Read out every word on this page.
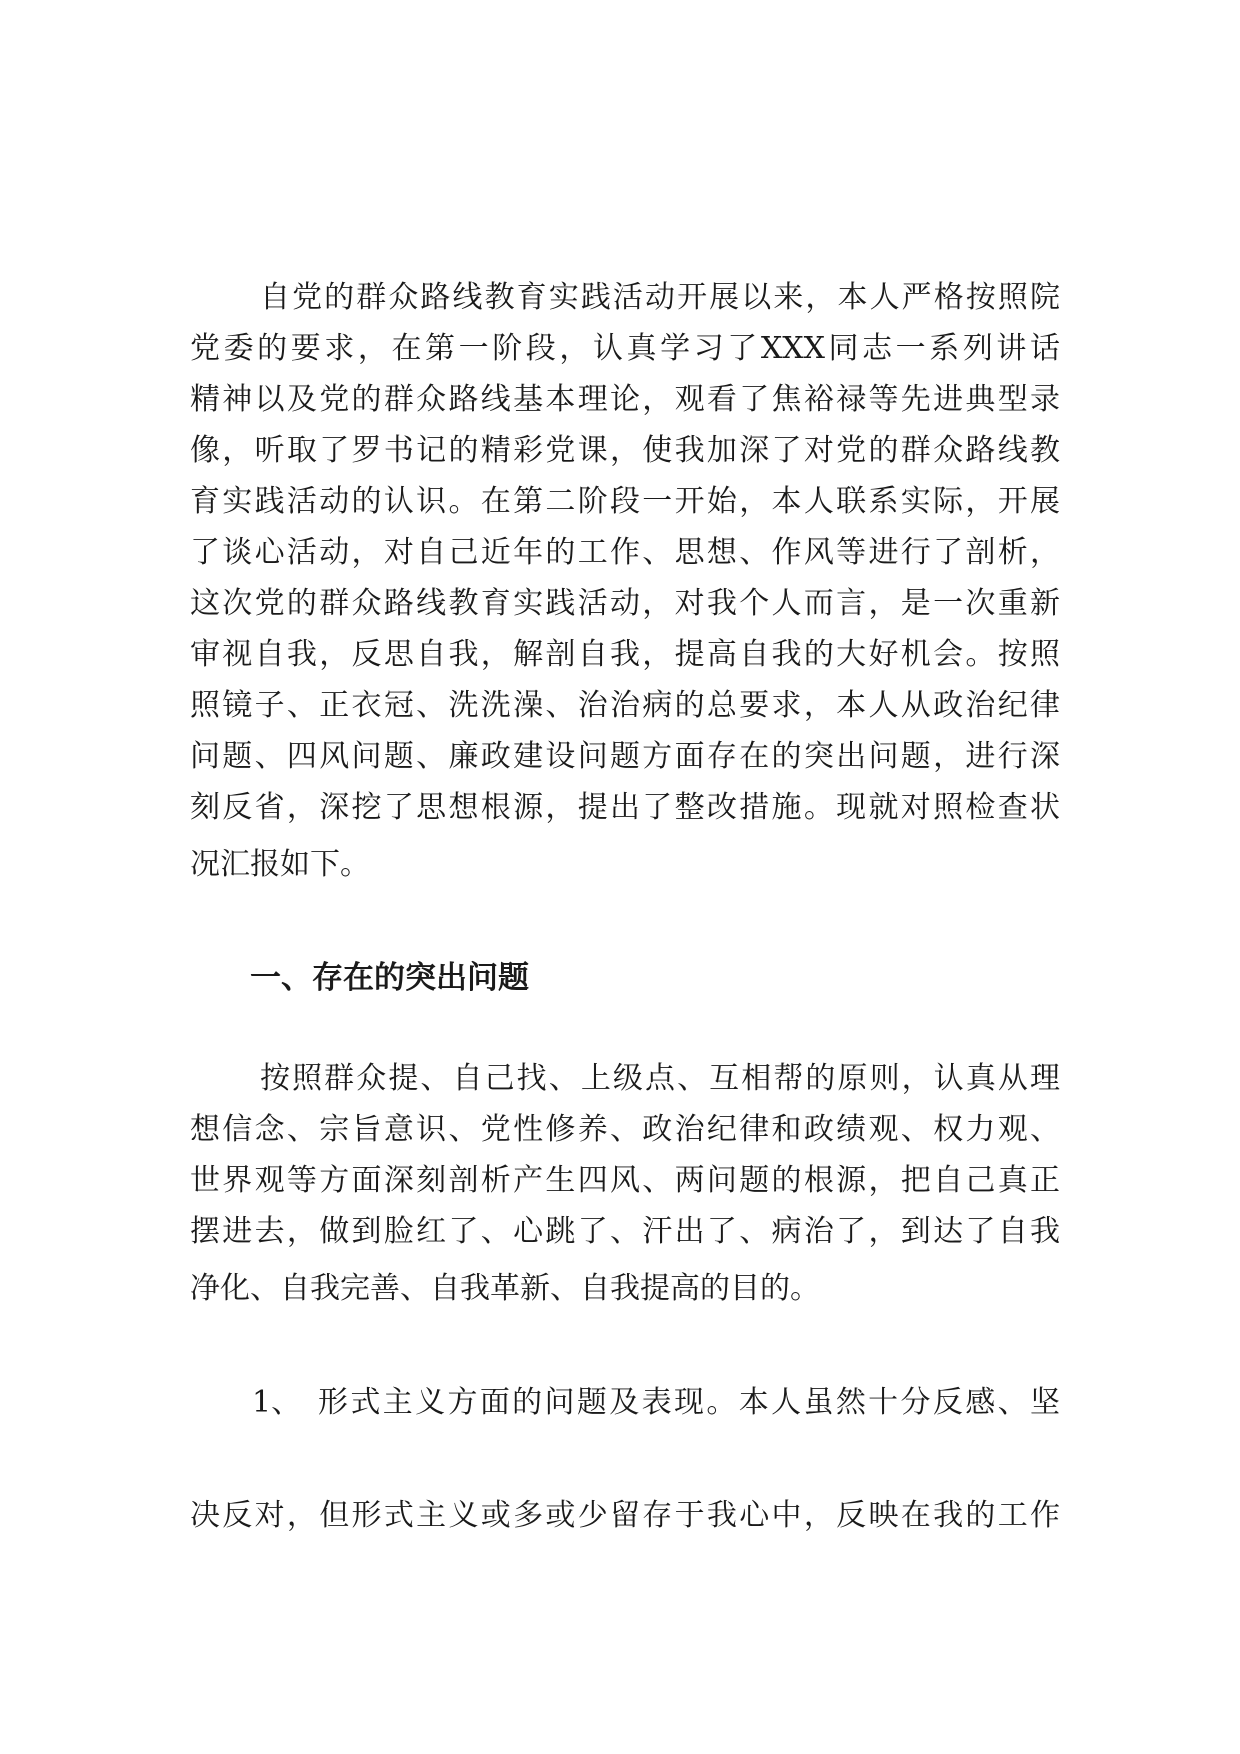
自党的群众路线教育实践活动开展以来，本人严格按照院
党委的要求，在第一阶段，认真学习了XXX同志一系列讲话
精神以及党的群众路线基本理论，观看了焦裕禄等先进典型录
像，听取了罗书记的精彩党课，使我加深了对党的群众路线教
育实践活动的认识。在第二阶段一开始，本人联系实际，开展
了谈心活动，对自己近年的工作、思想、作风等进行了剖析，
这次党的群众路线教育实践活动，对我个人而言，是一次重新
审视自我，反思自我，解剖自我，提高自我的大好机会。按照
照镜子、正衣冠、洗洗澡、治治病的总要求，本人从政治纪律
问题、四风问题、廉政建设问题方面存在的突出问题，进行深
刻反省，深挖了思想根源，提出了整改措施。现就对照检查状
况汇报如下。
一、存在的突出问题
按照群众提、自己找、上级点、互相帮的原则，认真从理
想信念、宗旨意识、党性修养、政治纪律和政绩观、权力观、
世界观等方面深刻剖析产生四风、两问题的根源，把自己真正
摆进去，做到脸红了、心跳了、汗出了、病治了，到达了自我
净化、自我完善、自我革新、自我提高的目的。
1、 形式主义方面的问题及表现。本人虽然十分反感、坚
决反对，但形式主义或多或少留存于我心中，反映在我的工作
